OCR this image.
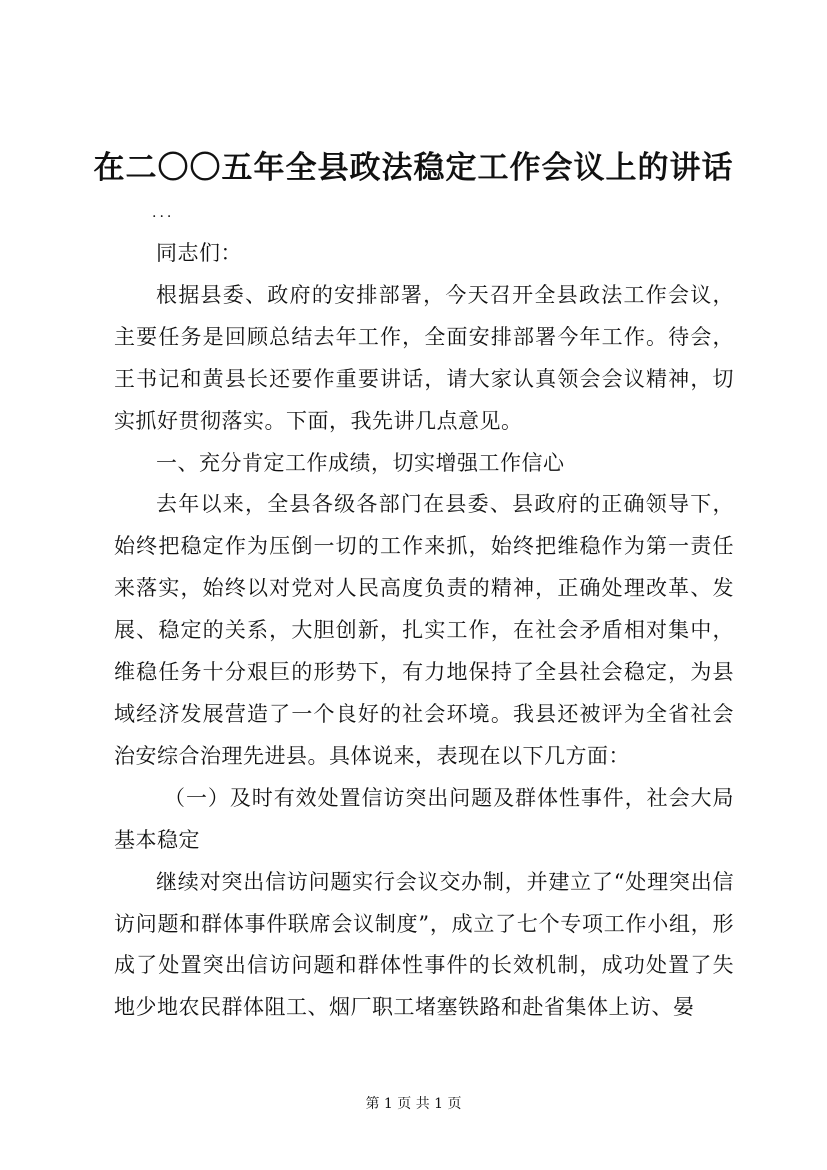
在二〇〇五年全县政法稳定工作会议上的讲话
...

同志们：

根据县委、政府的安排部署，今天召开全县政法工作会议，主要任务是回顾总结去年工作，全面安排部署今年工作。待会，王书记和黄县长还要作重要讲话，请大家认真领会会议精神，切实抓好贯彻落实。下面，我先讲几点意见。

一、充分肯定工作成绩，切实增强工作信心

去年以来，全县各级各部门在县委、县政府的正确领导下，始终把稳定作为压倒一切的工作来抓，始终把维稳作为第一责任来落实，始终以对党对人民高度负责的精神，正确处理改革、发展、稳定的关系，大胆创新，扎实工作，在社会矛盾相对集中，维稳任务十分艰巨的形势下，有力地保持了全县社会稳定，为县域经济发展营造了一个良好的社会环境。我县还被评为全省社会治安综合治理先进县。具体说来，表现在以下几方面：

（一）及时有效处置信访突出问题及群体性事件，社会大局基本稳定

继续对突出信访问题实行会议交办制，并建立了“处理突出信访问题和群体事件联席会议制度”，成立了七个专项工作小组，形成了处置突出信访问题和群体性事件的长效机制，成功处置了失地少地农民群体阻工、烟厂职工堵塞铁路和赴省集体上访、晏

第 1 页 共 1 页
